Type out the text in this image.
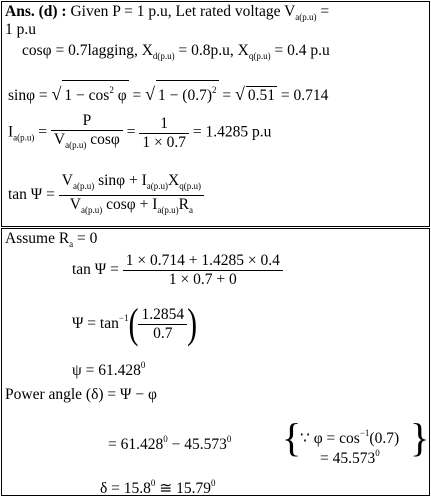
Ans. (d) : Given P = 1 p.u, Let rated voltage $V_{a(p.u)}$ =
1 p.u
cosφ = 0.7lagging, $X_{d(p.u)} = 0.8p.u$, $X_{q(p.u)} = 0.4$ p.u
sinφ = √ $1 - \cos^2 \varphi$ = √ $1 - (0.7)^2$ = √ 0.51 = 0.714
$I_{a(p.u)} = \frac{P}{V_{a(p.u)} \cos\varphi} = \frac{1}{1 \times 0.7} = 1.4285$ p.u
$\tan \Psi = \frac{V_{a(p.u)} \sin\varphi + I_{a(p.u)}X_{q(p.u)}}{V_{a(p.u)} \cos\varphi + I_{a(p.u)}R_a}$
Assume $R_a = 0$
$\tan \Psi = \frac{1 \times 0.714 + 1.4285 \times 0.4}{1 \times 0.7 + 0}$
$\Psi = \tan^{-1}( \frac{1.2854}{0.7}$ )
$\psi = 61.428^0$
Power angle (δ) = Ψ − φ
= $61.428^0 - 45.573^0$ {
∵ $\varphi = \cos^{-1}(0.7)$
= $45.573^0$ }
$\delta = 15.8^0$ ≅ 15.79$^0$
